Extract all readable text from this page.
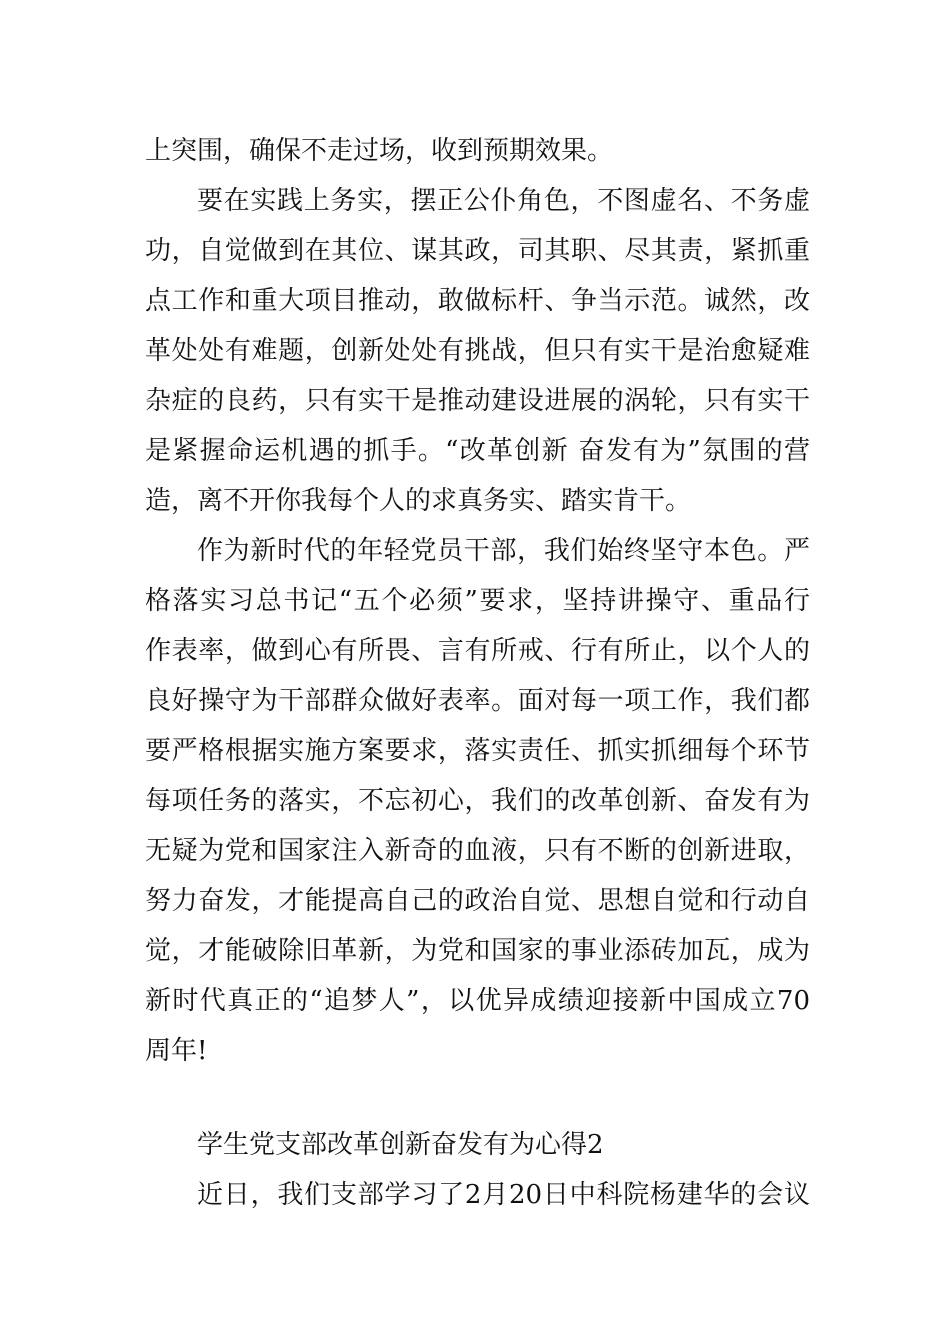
上突围，确保不走过场，收到预期效果。
要在实践上务实，摆正公仆角色，不图虚名、不务虚
功，自觉做到在其位、谋其政，司其职、尽其责，紧抓重
点工作和重大项目推动，敢做标杆、争当示范。诚然，改
革处处有难题，创新处处有挑战，但只有实干是治愈疑难
杂症的良药，只有实干是推动建设进展的涡轮，只有实干
是紧握命运机遇的抓手。“改革创新 奋发有为”氛围的营
造，离不开你我每个人的求真务实、踏实肯干。
作为新时代的年轻党员干部，我们始终坚守本色。严
格落实习总书记“五个必须”要求，坚持讲操守、重品行
作表率，做到心有所畏、言有所戒、行有所止，以个人的
良好操守为干部群众做好表率。面对每一项工作，我们都
要严格根据实施方案要求，落实责任、抓实抓细每个环节
每项任务的落实，不忘初心，我们的改革创新、奋发有为
无疑为党和国家注入新奇的血液，只有不断的创新进取，
努力奋发，才能提高自己的政治自觉、思想自觉和行动自
觉，才能破除旧革新，为党和国家的事业添砖加瓦，成为
新时代真正的“追梦人”，以优异成绩迎接新中国成立70
周年!
学生党支部改革创新奋发有为心得2
近日，我们支部学习了2月20日中科院杨建华的会议
